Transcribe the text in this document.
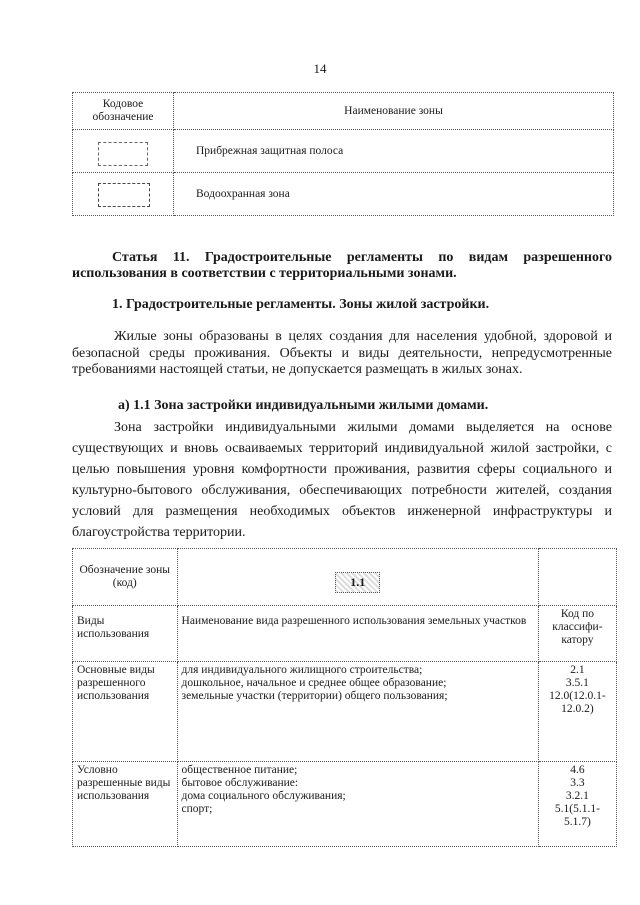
14
Кодовое обозначение	Наименование зоны

	Прибрежная защитная полоса

	Водоохранная зона
Статья 11. Градостроительные регламенты по видам разрешенного использования в соответствии с территориальными зонами.
1. Градостроительные регламенты. Зоны жилой застройки.
Жилые зоны образованы в целях создания для населения удобной, здоровой и безопасной среды проживания. Объекты и виды деятельности, непредусмотренные требованиями настоящей статьи, не допускается размещать в жилых зонах.
а) 1.1 Зона застройки индивидуальными жилыми домами.
Зона застройки индивидуальными жилыми домами выделяется на основе существующих и вновь осваиваемых территорий индивидуальной жилой застройки, с целью повышения уровня комфортности проживания, развития сферы социального и культурно-бытового обслуживания, обеспечивающих потребности жителей, создания условий для размещения необходимых объектов инженерной инфраструктуры и благоустройства территории.
Обозначение зоны (код)	1.1	
Виды использования	Наименование вида разрешенного использования земельных участков	Код по классифи-катору
Основные виды разрешенного использования	для индивидуального жилищного строительства;
дошкольное, начальное и среднее общее образование;
земельные участки (территории) общего пользования;	2.1
3.5.1
12.0(12.0.1-
12.0.2)

Условно разрешенные виды использования	общественное питание;
бытовое обслуживание:
дома социального обслуживания;
спорт;	4.6
3.3
3.2.1
5.1(5.1.1-
5.1.7)
